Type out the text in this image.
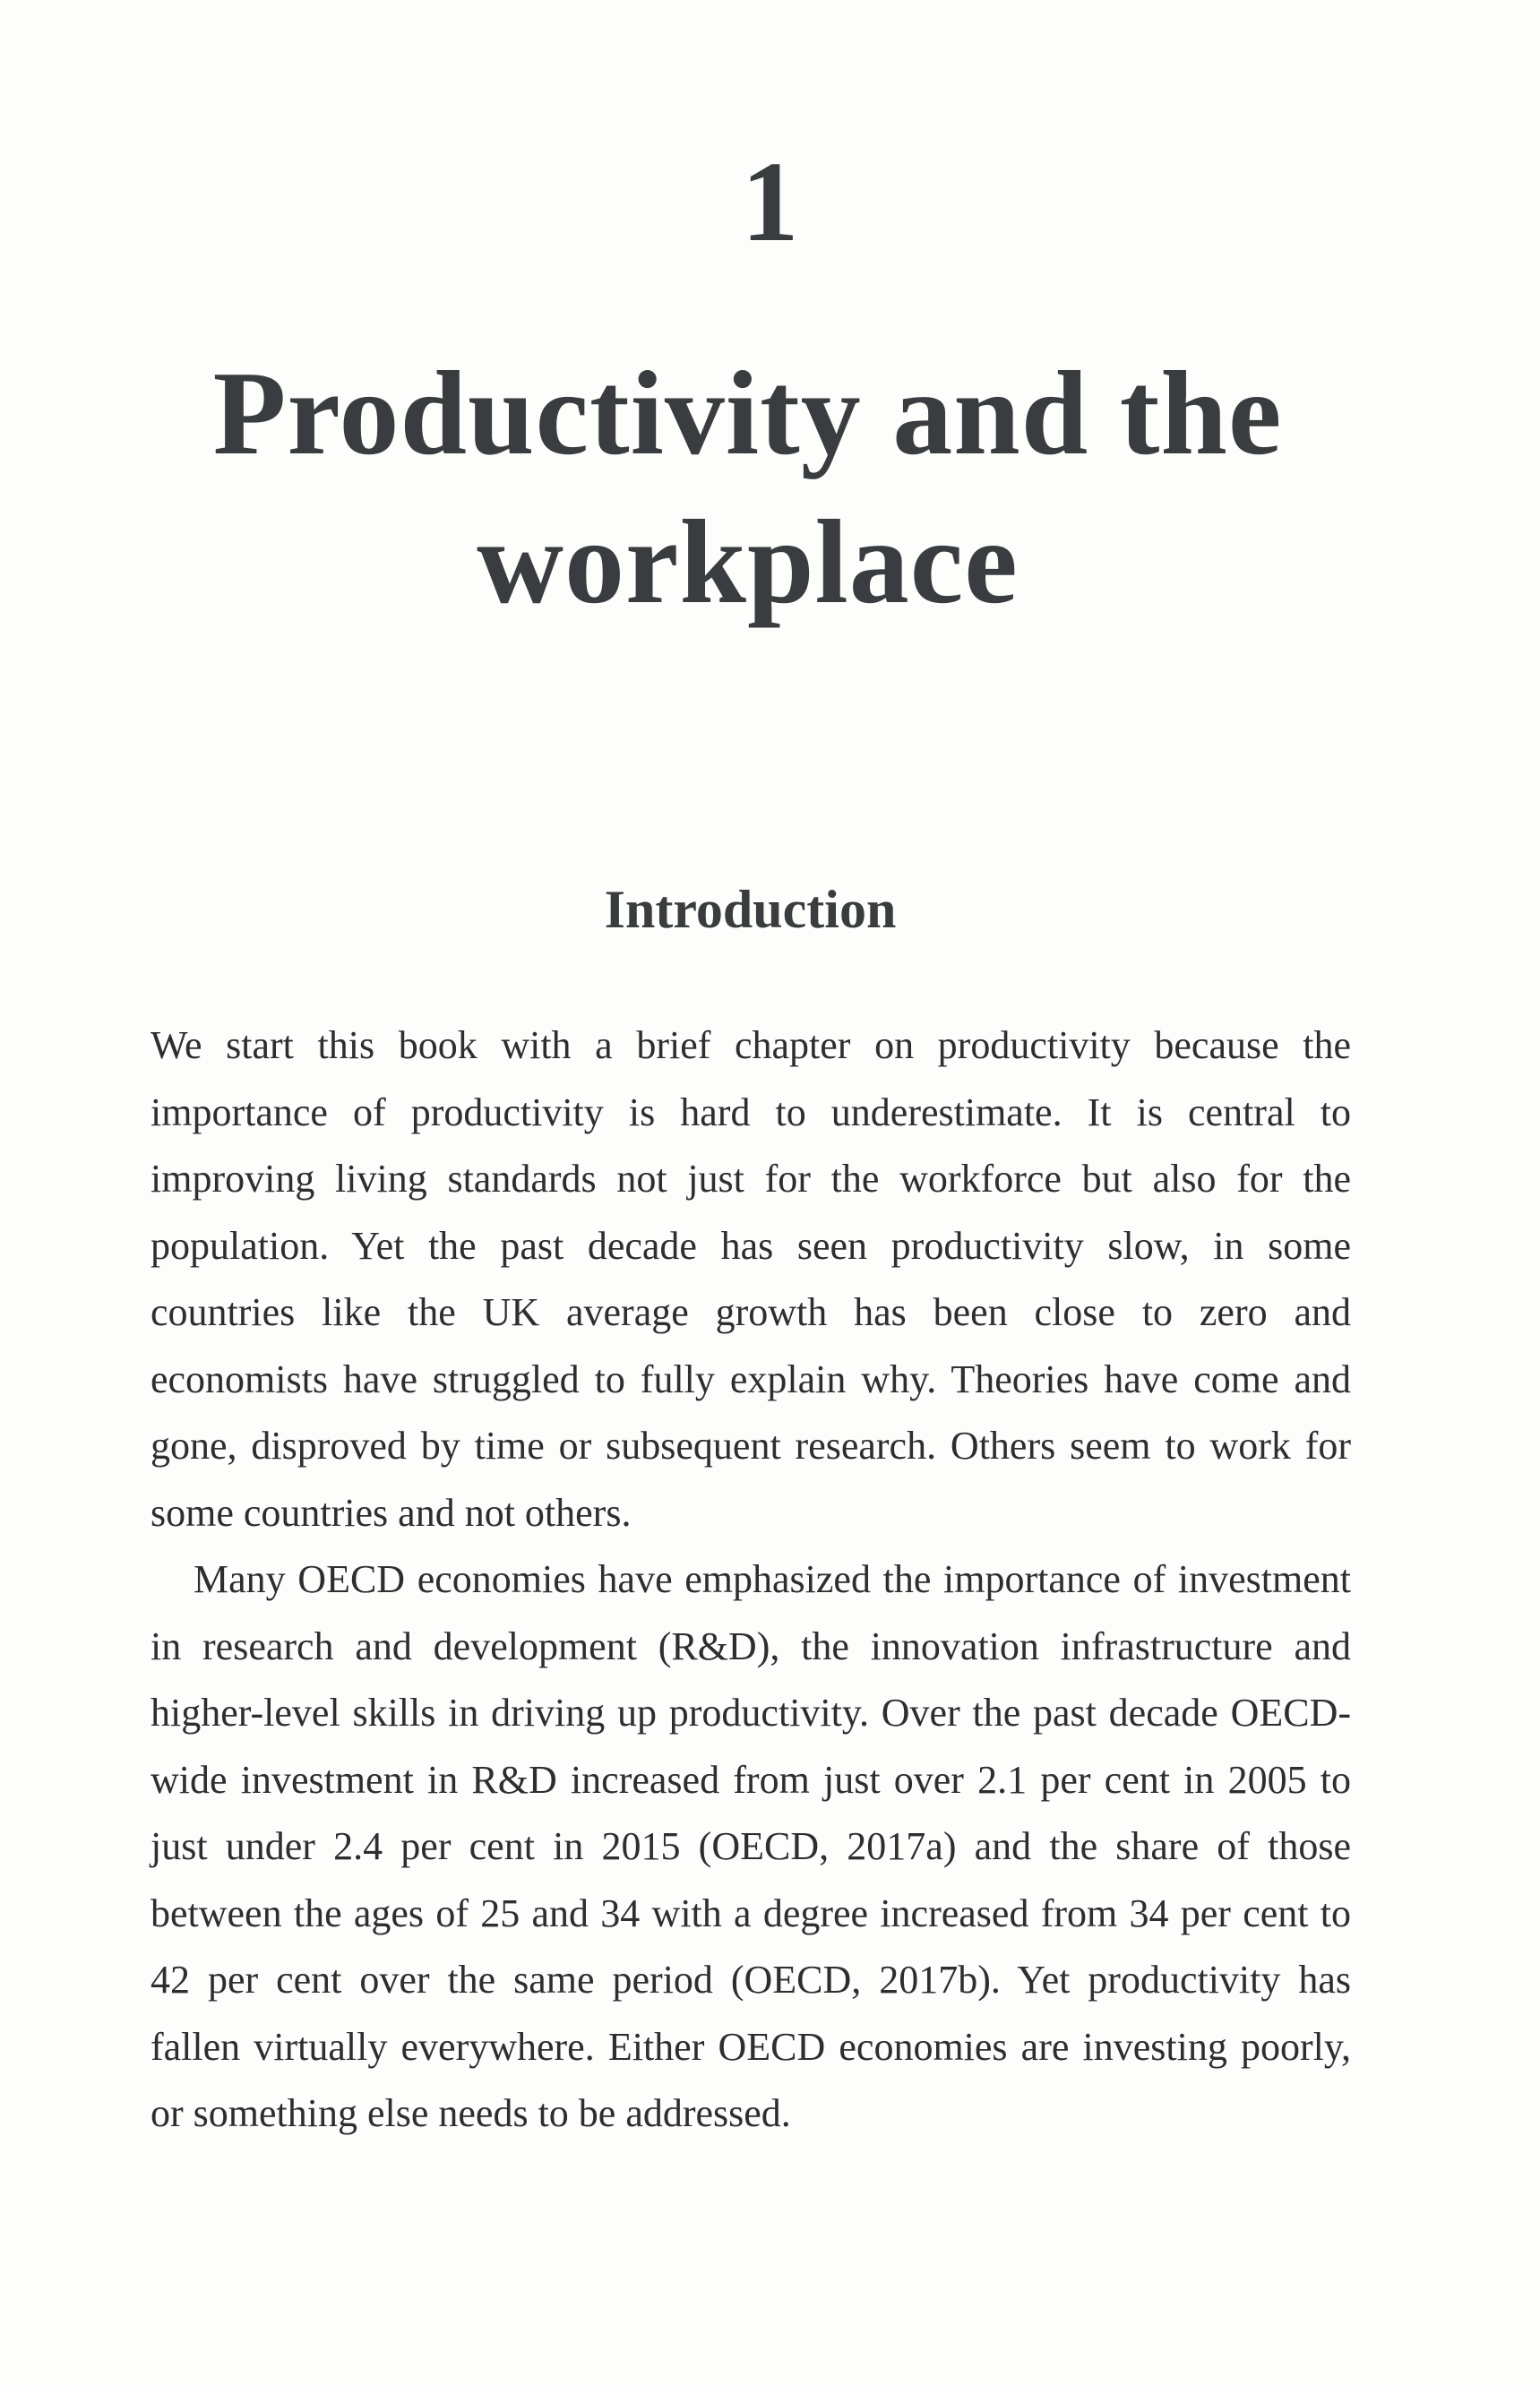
1
Productivity and the
workplace
Introduction

We start this book with a brief chapter on productivity because the importance of productivity is hard to underestimate. It is central to improving living standards not just for the workforce but also for the population. Yet the past decade has seen productivity slow, in some countries like the UK average growth has been close to zero and economists have struggled to fully explain why. Theories have come and gone, disproved by time or subsequent research. Others seem to work for some countries and not others.

Many OECD economies have emphasized the importance of investment in research and development (R&D), the innovation infrastructure and higher-level skills in driving up productivity. Over the past decade OECD-wide investment in R&D increased from just over 2.1 per cent in 2005 to just under 2.4 per cent in 2015 (OECD, 2017a) and the share of those between the ages of 25 and 34 with a degree increased from 34 per cent to 42 per cent over the same period (OECD, 2017b). Yet productivity has fallen virtually everywhere. Either OECD economies are investing poorly, or something else needs to be addressed.
